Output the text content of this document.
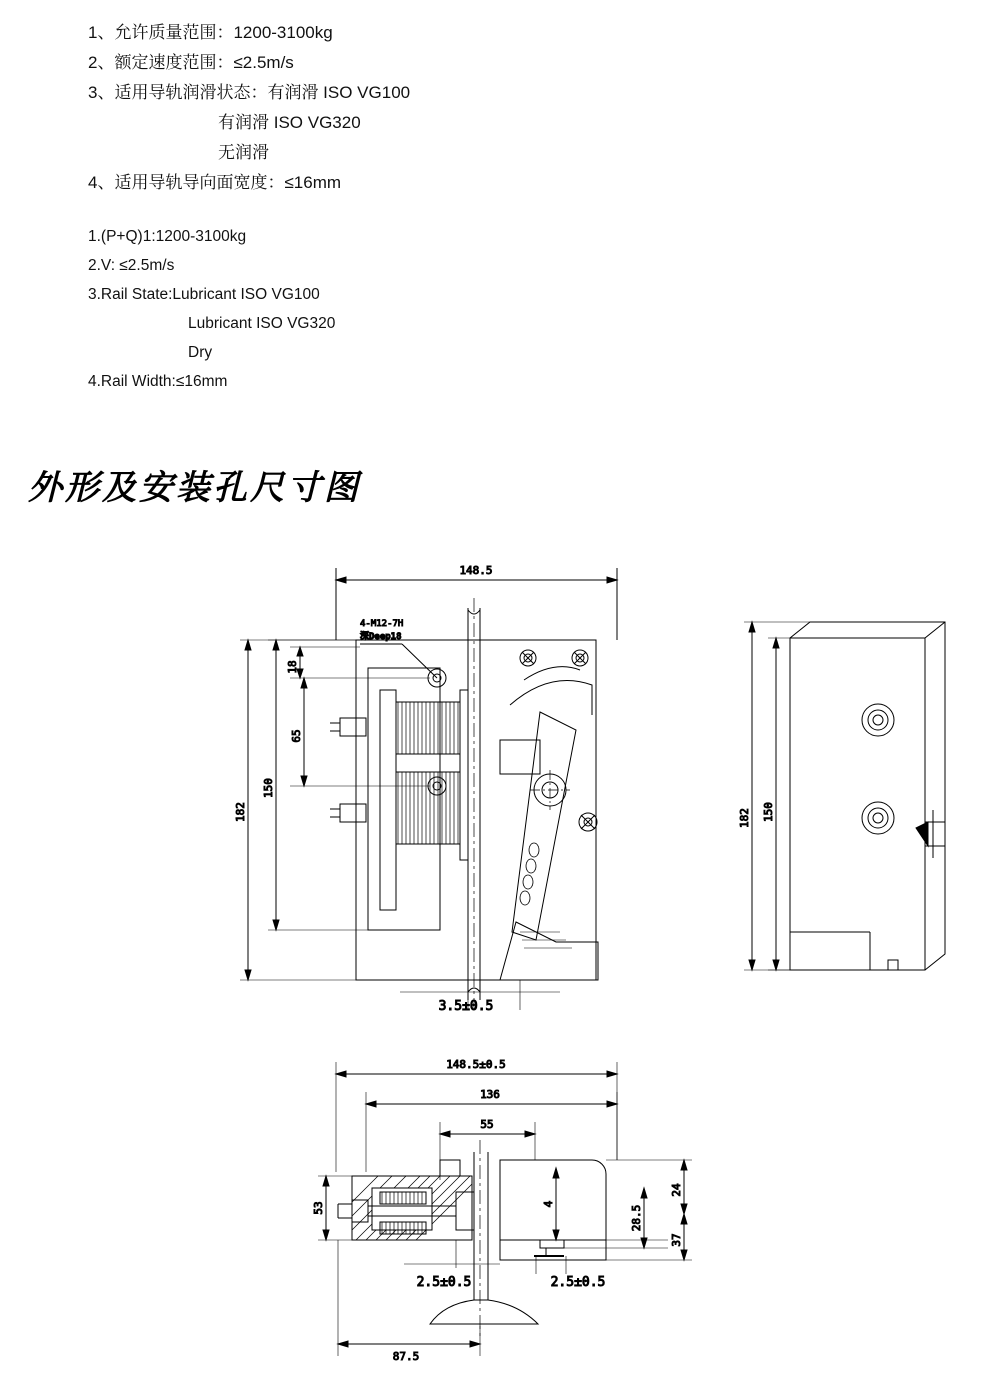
1、允许质量范围：1200-3100kg
2、额定速度范围：≤2.5m/s
3、适用导轨润滑状态：有润滑 ISO VG100
有润滑 ISO VG320
无润滑
4、适用导轨导向面宽度：≤16mm
1.(P+Q)1:1200-3100kg
2.V: ≤2.5m/s
3.Rail State:Lubricant ISO VG100
Lubricant ISO VG320
Dry
4.Rail Width:≤16mm
外形及安装孔尺寸图
148.5
4-M12-7H
深Deep18
18
65
150
182
3.5±0.5
150
182
148.5±0.5
136
55
4
24
28.5
37
53
2.5±0.5	2.5±0.5
87.5
